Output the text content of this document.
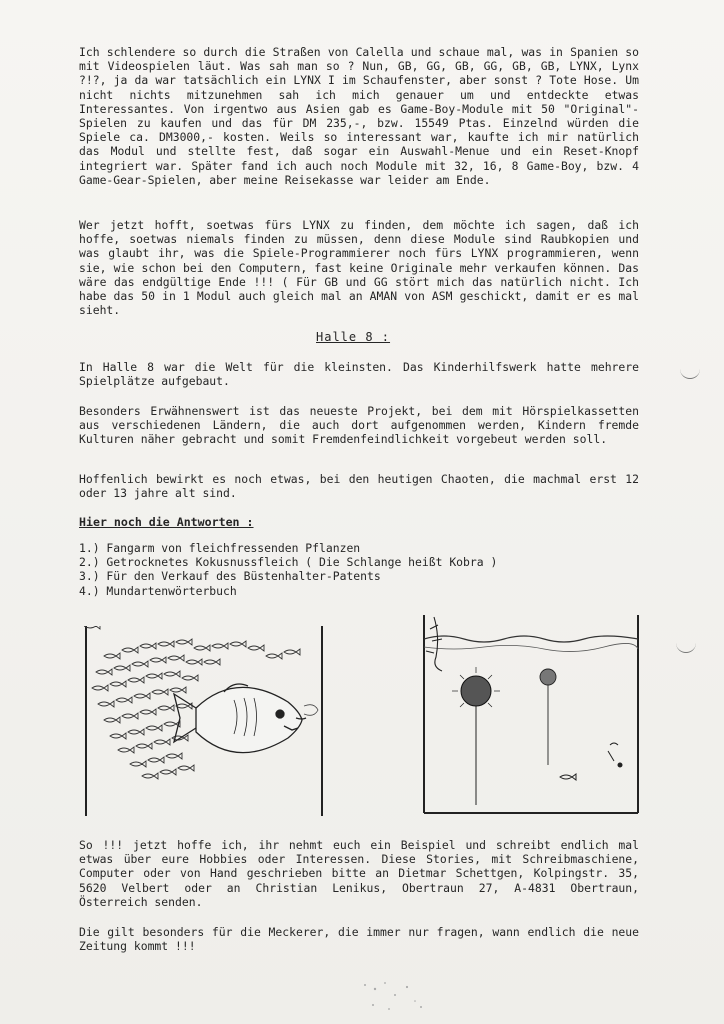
Ich schlendere so durch die Straßen von Calella und schaue mal, was in Spanien so mit Videospielen läut. Was sah man so ? Nun, GB, GG, GB, GG, GB, GB, LYNX, Lynx ?!?, ja da war tatsächlich ein LYNX I im Schaufenster, aber sonst ? Tote Hose. Um nicht nichts mitzunehmen sah ich mich genauer um und entdeckte etwas Interessantes. Von irgentwo aus Asien gab es Game-Boy-Module mit 50 "Original"-Spielen zu kaufen und das für DM 235,-, bzw. 15549 Ptas. Einzelnd würden die Spiele ca. DM3000,- kosten. Weils so interessant war, kaufte ich mir natürlich das Modul und stellte fest, daß sogar ein Auswahl-Menue und ein Reset-Knopf integriert war. Später fand ich auch noch Module mit 32, 16, 8 Game-Boy, bzw. 4 Game-Gear-Spielen, aber meine Reisekasse war leider am Ende.
Wer jetzt hofft, soetwas fürs LYNX zu finden, dem möchte ich sagen, daß ich hoffe, soetwas niemals finden zu müssen, denn diese Module sind Raubkopien und was glaubt ihr, was die Spiele-Programmierer noch fürs LYNX programmieren, wenn sie, wie schon bei den Computern, fast keine Originale mehr verkaufen können. Das wäre das endgültige Ende !!! ( Für GB und GG stört mich das natürlich nicht. Ich habe das 50 in 1 Modul auch gleich mal an AMAN von ASM geschickt, damit er es mal sieht.
Halle 8 :
In Halle 8 war die Welt für die kleinsten. Das Kinderhilfswerk hatte mehrere Spielplätze aufgebaut.
Besonders Erwähnenswert ist das neueste Projekt, bei dem mit Hörspielkassetten aus verschiedenen Ländern, die auch dort aufgenommen werden, Kindern fremde Kulturen näher gebracht und somit Fremdenfeindlichkeit vorgebeut werden soll.
Hoffenlich bewirkt es noch etwas, bei den heutigen Chaoten, die machmal erst 12 oder 13 jahre alt sind.
Hier noch die Antworten :
1.) Fangarm von fleichfressenden Pflanzen
2.) Getrocknetes Kokusnussfleich ( Die Schlange heißt Kobra )
3.) Für den Verkauf des Büstenhalter-Patents
4.) Mundartenwörterbuch
So !!! jetzt hoffe ich, ihr nehmt euch ein Beispiel und schreibt endlich mal etwas über eure Hobbies oder Interessen. Diese Stories, mit Schreibmaschiene, Computer oder von Hand geschrieben bitte an Dietmar Schettgen, Kolpingstr. 35, 5620 Velbert oder an Christian Lenikus, Obertraun 27, A-4831 Obertraun, Österreich senden.
Die gilt besonders für die Meckerer, die immer nur fragen, wann endlich die neue Zeitung kommt !!!
